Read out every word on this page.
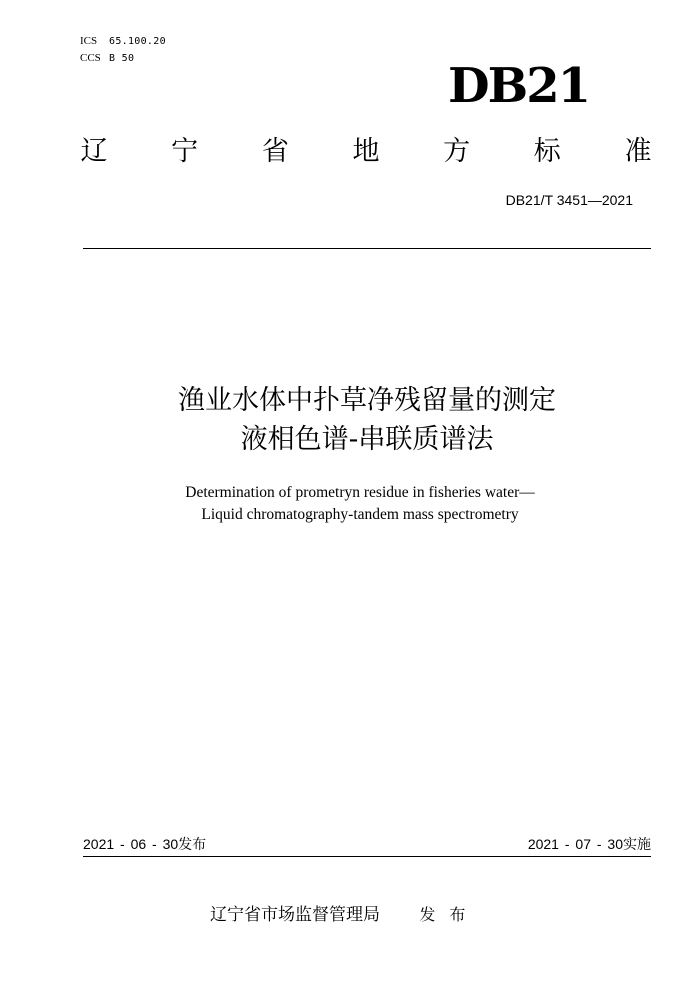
ICS	65.100.20
CCS B 50	DB21
辽 宁 省 地 方 标 准
DB21/T 3451—2021
渔业水体中扑草净残留量的测定
液相色谱-串联质谱法
Determination of prometryn residue in fisheries water—
Liquid chromatography-tandem mass spectrometry
2021 - 06 - 30发布	2021 - 07 - 30实施
辽宁省市场监督管理局 发布
